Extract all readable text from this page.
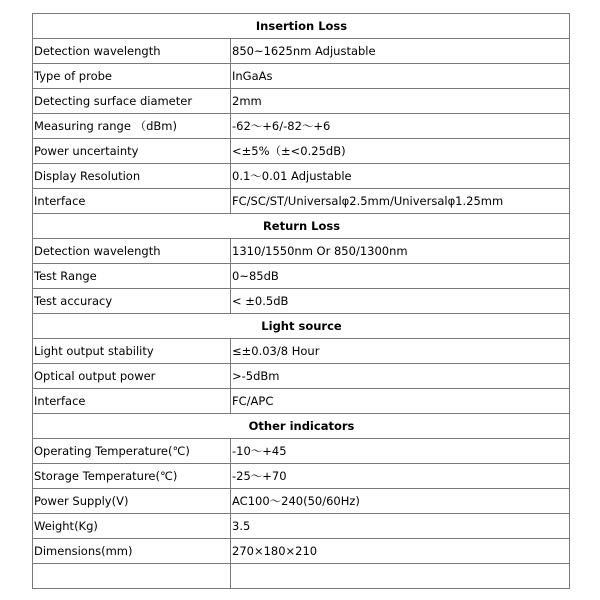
Insertion Loss	
Detection wavelength	850~1625nm Adjustable
Type of probe	InGaAs
Detecting surface diameter	2mm
Measuring range （dBm)	-62～+6/-82～+6
Power uncertainty	<±5%（±<0.25dB)
Display Resolution	0.1～0.01 Adjustable
Interface	FC/SC/ST/Universalφ2.5mm/Universalφ1.25mm
Return Loss	
Detection wavelength	1310/1550nm Or 850/1300nm
Test Range	0~85dB
Test accuracy	< ±0.5dB
Light source	
Light output stability	≤±0.03/8 Hour
Optical output power	>-5dBm
Interface	FC/APC
Other indicators	
Operating Temperature(℃)	-10～+45
Storage Temperature(℃)	-25～+70
Power Supply(V)	AC100～240(50/60Hz)
Weight(Kg)	3.5
Dimensions(mm)	270×180×210
